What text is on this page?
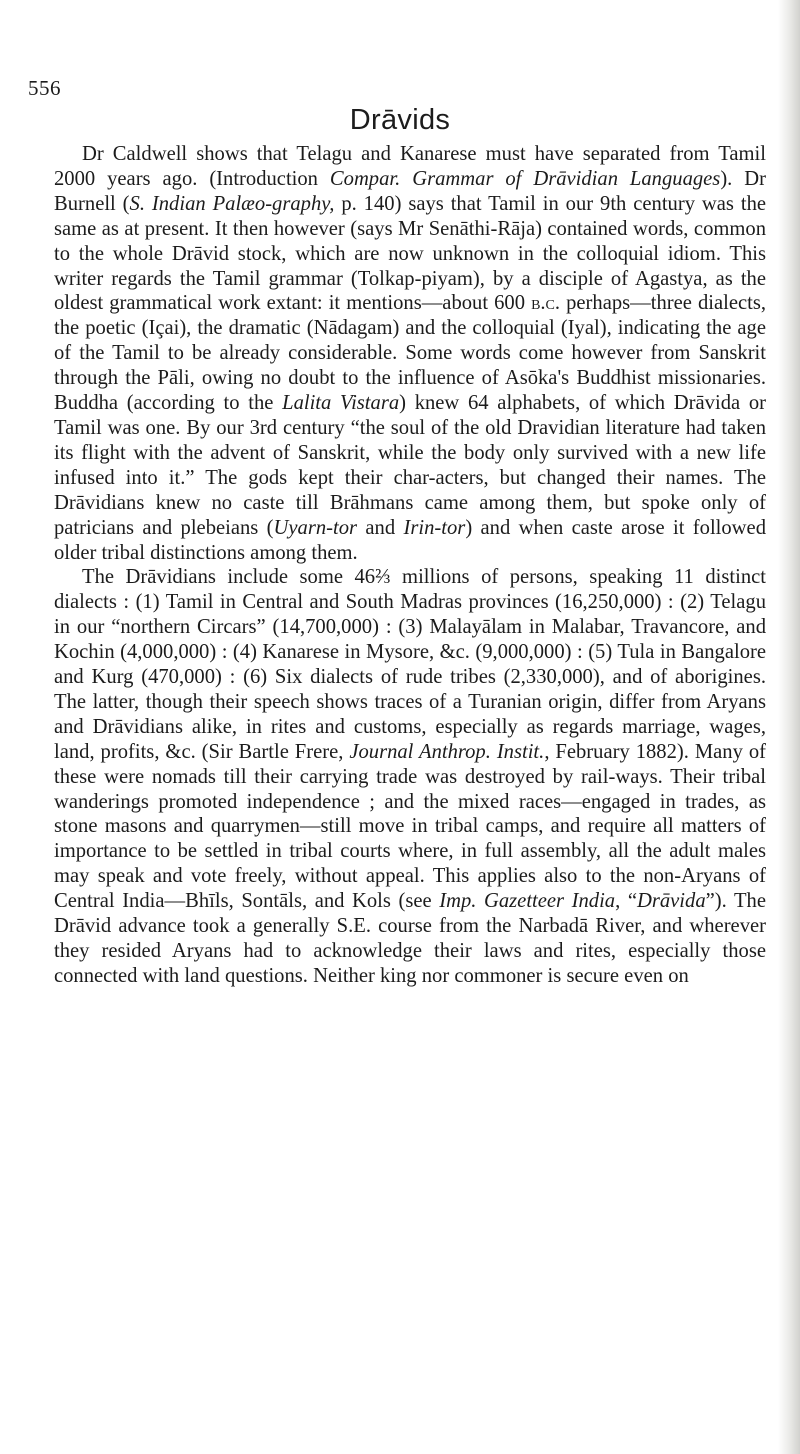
556
Drāvids

Dr Caldwell shows that Telagu and Kanarese must have separated from Tamil 2000 years ago. (Introduction Compar. Grammar of Drāvidian Languages). Dr Burnell (S. Indian Palæo-graphy, p. 140) says that Tamil in our 9th century was the same as at present. It then however (says Mr Senāthi-Rāja) contained words, common to the whole Drāvid stock, which are now unknown in the colloquial idiom. This writer regards the Tamil grammar (Tolkap-piyam), by a disciple of Agastya, as the oldest grammatical work extant: it mentions—about 600 b.c. perhaps—three dialects, the poetic (Içai), the dramatic (Nādagam) and the colloquial (Iyal), indicating the age of the Tamil to be already considerable. Some words come however from Sanskrit through the Pāli, owing no doubt to the influence of Asōka's Buddhist missionaries. Buddha (according to the Lalita Vistara) knew 64 alphabets, of which Drāvida or Tamil was one. By our 3rd century “the soul of the old Dravidian literature had taken its flight with the advent of Sanskrit, while the body only survived with a new life infused into it.” The gods kept their char-acters, but changed their names. The Drāvidians knew no caste till Brāhmans came among them, but spoke only of patricians and plebeians (Uyarn-tor and Irin-tor) and when caste arose it followed older tribal distinctions among them.

The Drāvidians include some 46⅔ millions of persons, speaking 11 distinct dialects : (1) Tamil in Central and South Madras provinces (16,250,000) : (2) Telagu in our “northern Circars” (14,700,000) : (3) Malayālam in Malabar, Travancore, and Kochin (4,000,000) : (4) Kanarese in Mysore, &c. (9,000,000) : (5) Tula in Bangalore and Kurg (470,000) : (6) Six dialects of rude tribes (2,330,000), and of aborigines. The latter, though their speech shows traces of a Turanian origin, differ from Aryans and Drāvidians alike, in rites and customs, especially as regards marriage, wages, land, profits, &c. (Sir Bartle Frere, Journal Anthrop. Instit., February 1882). Many of these were nomads till their carrying trade was destroyed by rail-ways. Their tribal wanderings promoted independence ; and the mixed races—engaged in trades, as stone masons and quarrymen—still move in tribal camps, and require all matters of importance to be settled in tribal courts where, in full assembly, all the adult males may speak and vote freely, without appeal. This applies also to the non-Aryans of Central India—Bhīls, Sontāls, and Kols (see Imp. Gazetteer India, “Drāvida”). The Drāvid advance took a generally S.E. course from the Narbadā River, and wherever they resided Aryans had to acknowledge their laws and rites, especially those connected with land questions. Neither king nor commoner is secure even on
